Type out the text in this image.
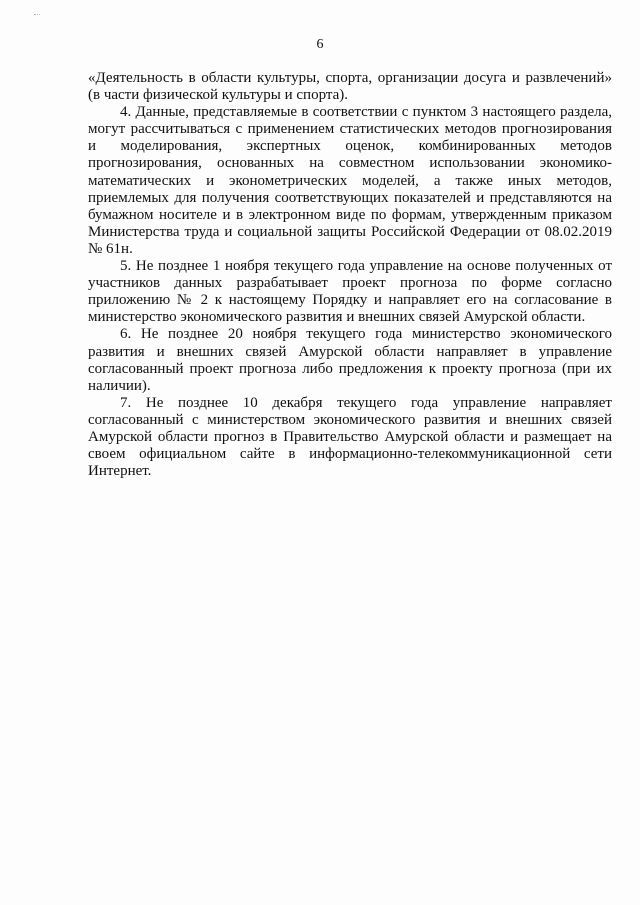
6

«Деятельность в области культуры, спорта, организации досуга и развлечений» (в части физической культуры и спорта).

4. Данные, представляемые в соответствии с пунктом 3 настоящего раздела, могут рассчитываться с применением статистических методов прогнозирования и моделирования, экспертных оценок, комбинированных методов прогнозирования, основанных на совместном использовании экономико-математических и эконометрических моделей, а также иных методов, приемлемых для получения соответствующих показателей и представляются на бумажном носителе и в электронном виде по формам, утвержденным приказом Министерства труда и социальной защиты Российской Федерации от 08.02.2019 № 61н.

5. Не позднее 1 ноября текущего года управление на основе полученных от участников данных разрабатывает проект прогноза по форме согласно приложению № 2 к настоящему Порядку и направляет его на согласование в министерство экономического развития и внешних связей Амурской области.

6. Не позднее 20 ноября текущего года министерство экономического развития и внешних связей Амурской области направляет в управление согласованный проект прогноза либо предложения к проекту прогноза (при их наличии).

7. Не позднее 10 декабря текущего года управление направляет согласованный с министерством экономического развития и внешних связей Амурской области прогноз в Правительство Амурской области и размещает на своем официальном сайте в информационно-телекоммуникационной сети Интернет.
